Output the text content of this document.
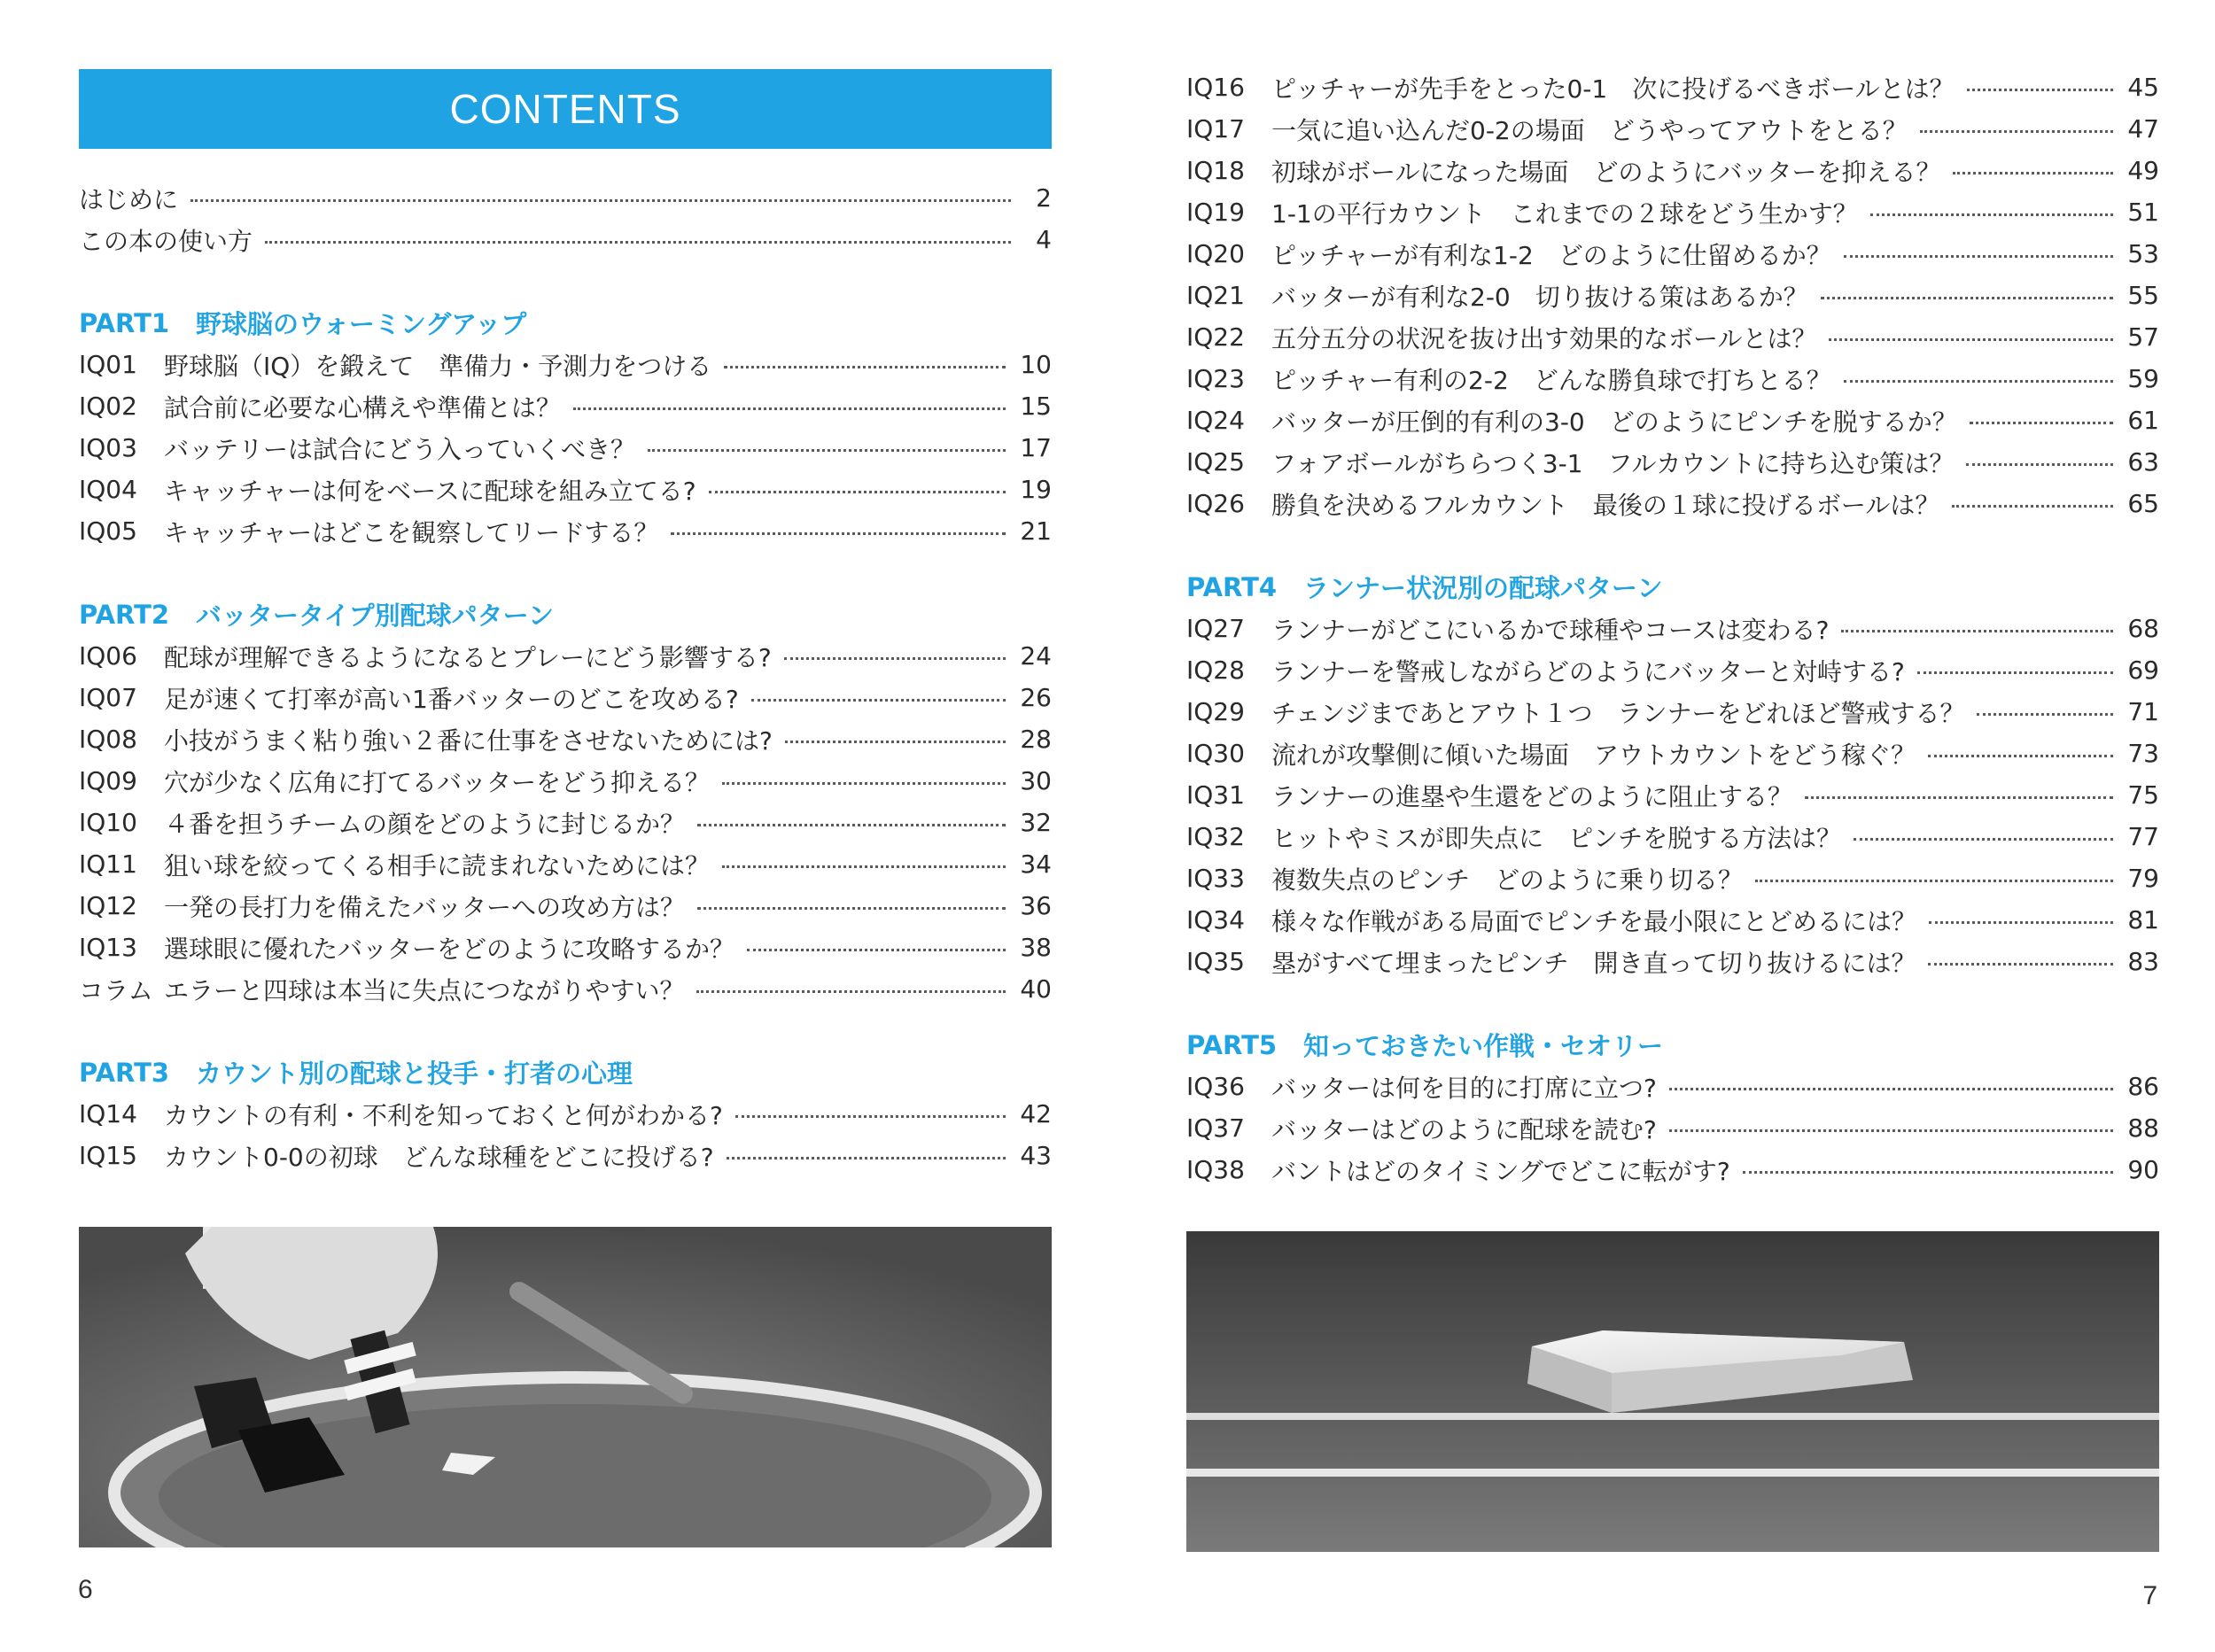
CONTENTS
はじめに	2
この本の使い方	4
PART1 野球脳のウォーミングアップ
IQ01	野球脳（IQ）を鍛えて　準備力・予測力をつける	10
IQ02	試合前に必要な心構えや準備とは？	15
IQ03	バッテリーは試合にどう入っていくべき？	17
IQ04	キャッチャーは何をベースに配球を組み立てる?	19
IQ05	キャッチャーはどこを観察してリードする？	21
PART2 バッタータイプ別配球パターン
IQ06	配球が理解できるようになるとプレーにどう影響する?	24
IQ07	足が速くて打率が高い1番バッターのどこを攻める?	26
IQ08	小技がうまく粘り強い２番に仕事をさせないためには?	28
IQ09	穴が少なく広角に打てるバッターをどう抑える？	30
IQ10	４番を担うチームの顔をどのように封じるか？	32
IQ11	狙い球を絞ってくる相手に読まれないためには？	34
IQ12	一発の長打力を備えたバッターへの攻め方は？	36
IQ13	選球眼に優れたバッターをどのように攻略するか？	38
コラム エラーと四球は本当に失点につながりやすい？	40
PART3 カウント別の配球と投手・打者の心理
IQ14	カウントの有利・不利を知っておくと何がわかる?	42
IQ15	カウント0-0の初球　どんな球種をどこに投げる?	43
6
IQ16	ピッチャーが先手をとった0-1　次に投げるべきボールとは？	45
IQ17	一気に追い込んだ0-2の場面　どうやってアウトをとる？	47
IQ18	初球がボールになった場面　どのようにバッターを抑える？	49
IQ19	1-1の平行カウント　これまでの２球をどう生かす？	51
IQ20	ピッチャーが有利な1-2　どのように仕留めるか？	53
IQ21	バッターが有利な2-0　切り抜ける策はあるか？	55
IQ22	五分五分の状況を抜け出す効果的なボールとは？	57
IQ23	ピッチャー有利の2-2　どんな勝負球で打ちとる？	59
IQ24	バッターが圧倒的有利の3-0　どのようにピンチを脱するか？	61
IQ25	フォアボールがちらつく3-1　フルカウントに持ち込む策は？	63
IQ26	勝負を決めるフルカウント　最後の１球に投げるボールは？	65
PART4 ランナー状況別の配球パターン
IQ27	ランナーがどこにいるかで球種やコースは変わる?	68
IQ28	ランナーを警戒しながらどのようにバッターと対峙する?	69
IQ29	チェンジまであとアウト１つ　ランナーをどれほど警戒する？	71
IQ30	流れが攻撃側に傾いた場面　アウトカウントをどう稼ぐ？	73
IQ31	ランナーの進塁や生還をどのように阻止する？	75
IQ32	ヒットやミスが即失点に　ピンチを脱する方法は？	77
IQ33	複数失点のピンチ　どのように乗り切る？	79
IQ34	様々な作戦がある局面でピンチを最小限にとどめるには？	81
IQ35	塁がすべて埋まったピンチ　開き直って切り抜けるには？	83
PART5 知っておきたい作戦・セオリー
IQ36	バッターは何を目的に打席に立つ?	86
IQ37	バッターはどのように配球を読む?	88
IQ38	バントはどのタイミングでどこに転がす?	90
7
